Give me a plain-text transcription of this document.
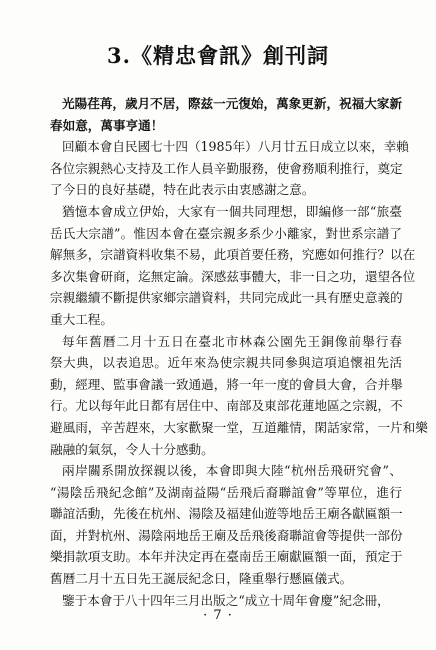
3.《精忠會訊》創刊詞
光陽荏苒，歲月不居，際兹一元復始，萬象更新，祝福大家新
春如意，萬事亨通！
回顧本會自民國七十四（1985年）八月廿五日成立以來，幸賴
各位宗親熱心支持及工作人員辛勤服務，使會務順利推行，奠定
了今日的良好基礎，特在此表示由衷感謝之意。
猶憶本會成立伊始，大家有一個共同理想，即編修一部“旅臺
岳氏大宗譜”。惟因本會在臺宗親多系少小離家，對世系宗譜了
解無多，宗譜資料收集不易，此項首要任務，究應如何推行？以在
多次集會研商，迄無定論。深感兹事體大，非一日之功，還望各位
宗親繼續不斷提供家鄉宗譜資料，共同完成此一具有歷史意義的
重大工程。
每年舊曆二月十五日在臺北市林森公園先王銅像前舉行春
祭大典，以表追思。近年來為使宗親共同參與這項追懷祖先活
動，經理、監事會議一致通過，將一年一度的會員大會，合并舉
行。尤以每年此日都有居住中、南部及東部花蓮地區之宗親，不
避風雨，辛苦趕來，大家歡聚一堂，互道離情，閑話家常，一片和樂
融融的氣氛，令人十分感動。
兩岸關系開放探親以後，本會即與大陸“杭州岳飛研究會”、
“湯陰岳飛紀念館”及湖南益陽“岳飛后裔聯誼會”等單位，進行
聯誼活動，先後在杭州、湯陰及福建仙遊等地岳王廟各獻匾額一
面，并對杭州、湯陰兩地岳王廟及岳飛後裔聯誼會等提供一部份
樂捐款項支助。本年并決定再在臺南岳王廟獻匾額一面，預定于
舊曆二月十五日先王誕辰紀念日，隆重舉行懸匾儀式。
鑒于本會于八十四年三月出版之“成立十周年會慶”紀念冊，
· 7 ·
